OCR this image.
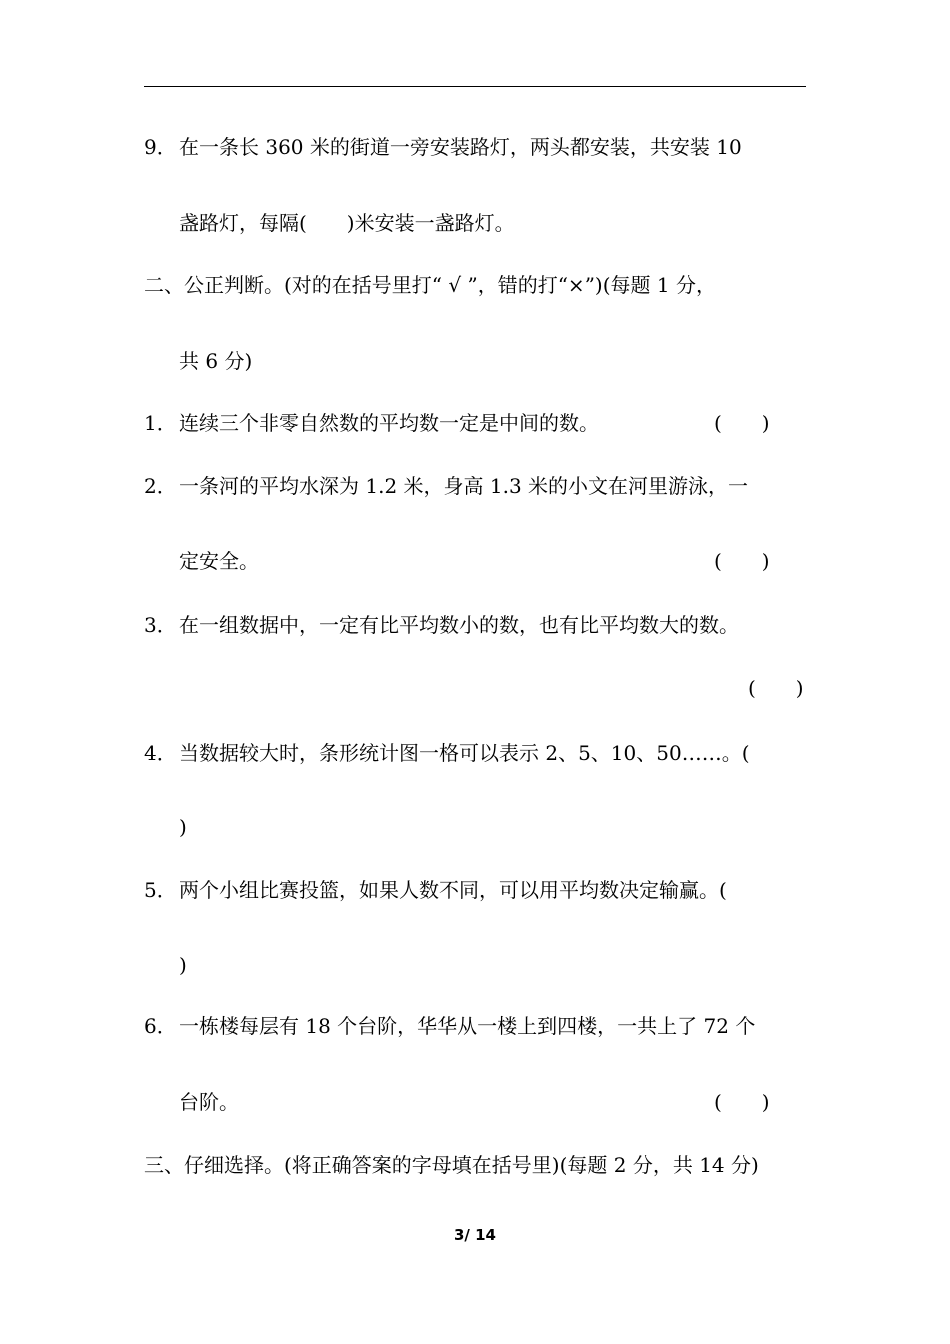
9． 在一条长 360 米的街道一旁安装路灯，两头都安装，共安装 10
盏路灯，每隔(　　)米安装一盏路灯。
二、公正判断。(对的在括号里打“ √ ”，错的打“×”)(每题 1 分，
共 6 分)
1． 连续三个非零自然数的平均数一定是中间的数。	(　　)
2． 一条河的平均水深为 1.2 米，身高 1.3 米的小文在河里游泳，一
定安全。	(　　)
3． 在一组数据中，一定有比平均数小的数，也有比平均数大的数。
(　　)
4． 当数据较大时，条形统计图一格可以表示 2、5、10、50……。(
)
5． 两个小组比赛投篮，如果人数不同，可以用平均数决定输赢。(
)
6． 一栋楼每层有 18 个台阶，华华从一楼上到四楼，一共上了 72 个
台阶。	(　　)
三、仔细选择。(将正确答案的字母填在括号里)(每题 2 分，共 14 分)
3/ 14
